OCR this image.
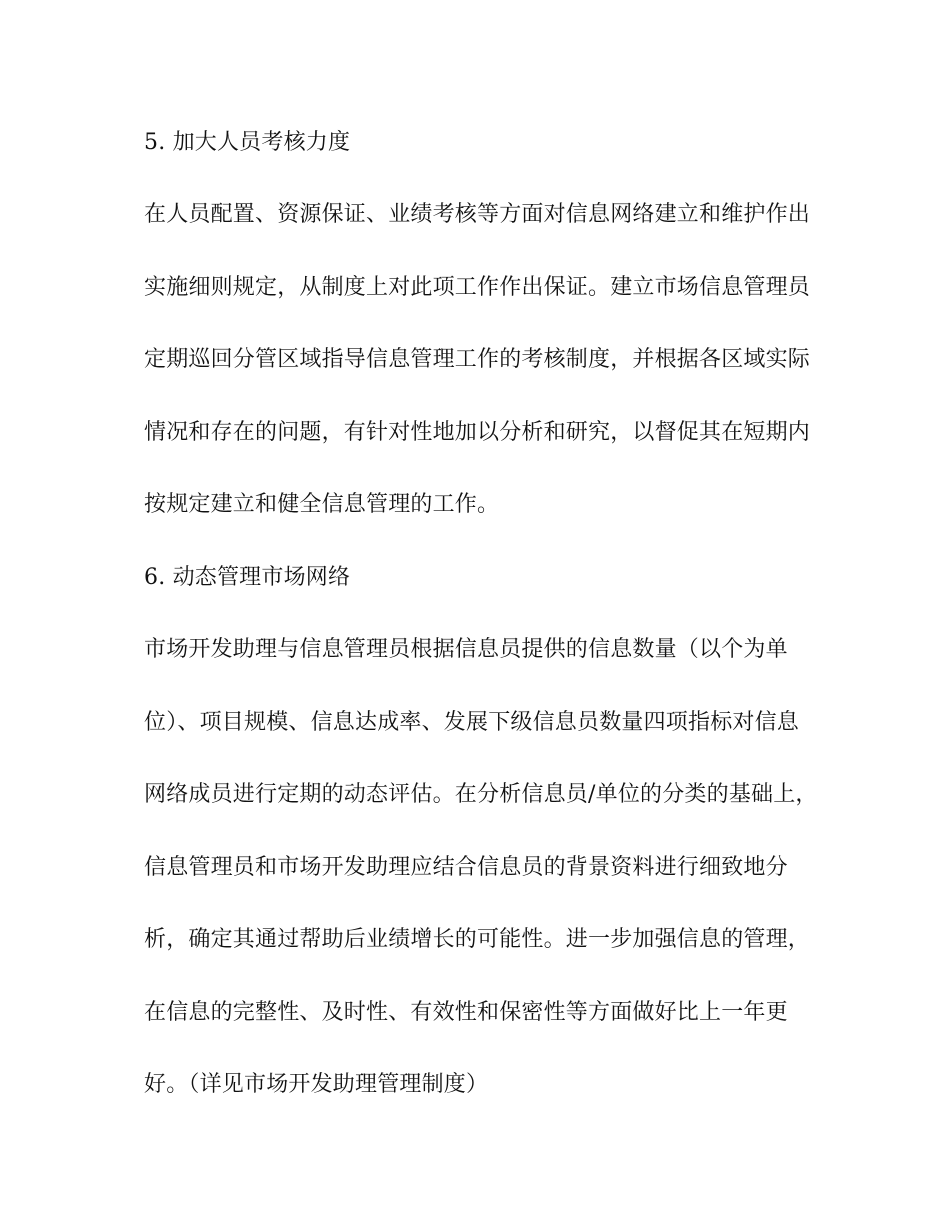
5. 加大人员考核力度
在人员配置、资源保证、业绩考核等方面对信息网络建立和维护作出
实施细则规定，从制度上对此项工作作出保证。建立市场信息管理员
定期巡回分管区域指导信息管理工作的考核制度，并根据各区域实际
情况和存在的问题，有针对性地加以分析和研究，以督促其在短期内
按规定建立和健全信息管理的工作。
6. 动态管理市场网络
市场开发助理与信息管理员根据信息员提供的信息数量（以个为单
位）、项目规模、信息达成率、发展下级信息员数量四项指标对信息
网络成员进行定期的动态评估。在分析信息员/单位的分类的基础上，
信息管理员和市场开发助理应结合信息员的背景资料进行细致地分
析，确定其通过帮助后业绩增长的可能性。进一步加强信息的管理，
在信息的完整性、及时性、有效性和保密性等方面做好比上一年更
好。（详见市场开发助理管理制度）
